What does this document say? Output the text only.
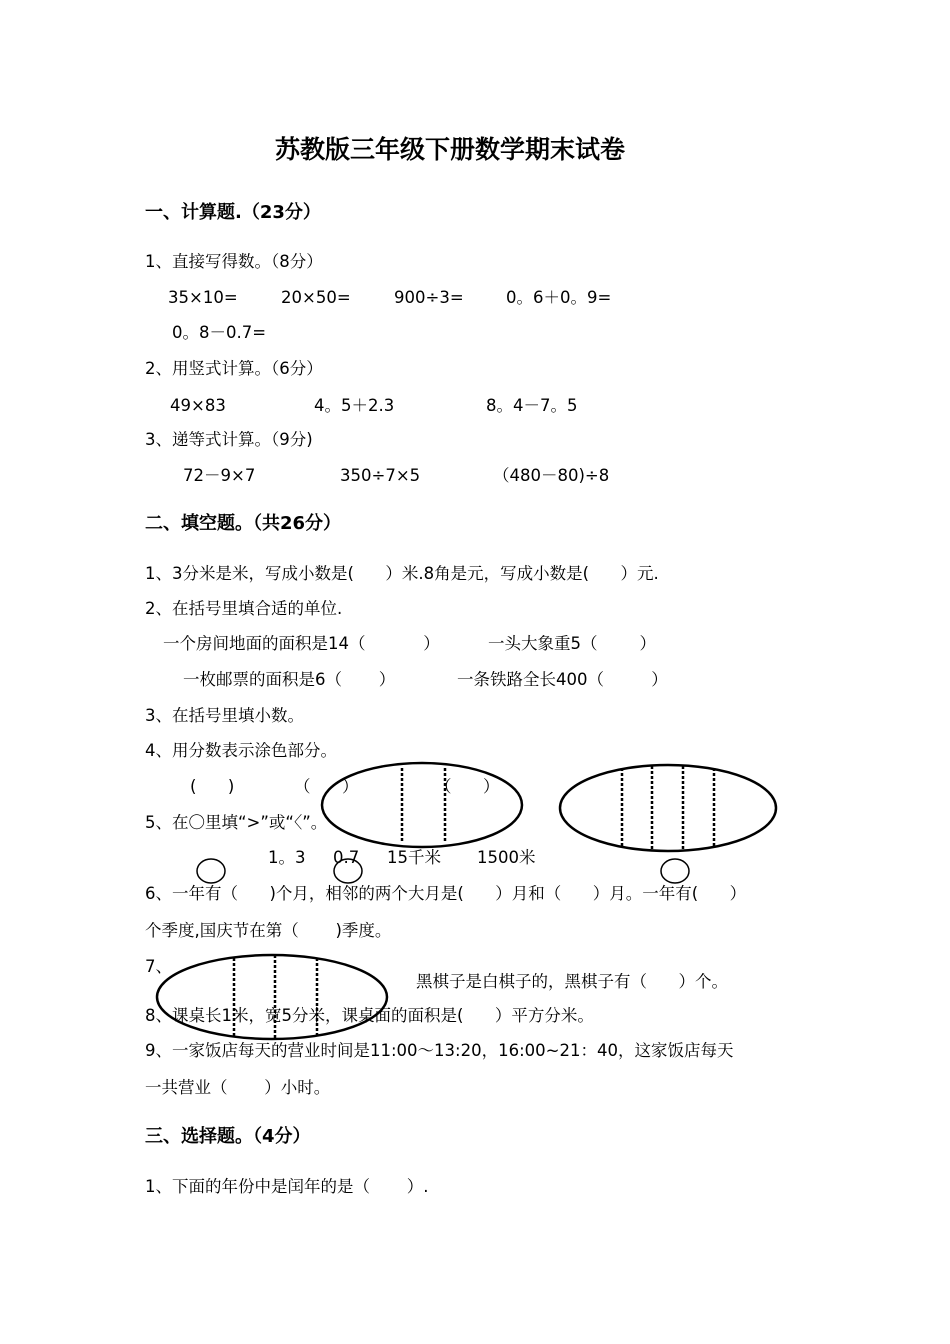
苏教版三年级下册数学期末试卷
一、计算题.（23分）
1、直接写得数。（8分）
35×10=	20×50=	900÷3=	0。6＋0。9=
0。8－0.7=
2、用竖式计算。（6分）
49×83	4。5＋2.3	8。4－7。5
3、递等式计算。（9分)
72－9×7	350÷7×5	（480－80)÷8
二、填空题。（共26分）
1、3分米是米，写成小数是(      ）米.8角是元，写成小数是(      ）元.
2、在括号里填合适的单位.
一个房间地面的面积是14（           ）	一头大象重5（        ）
一枚邮票的面积是6（       ）	一条铁路全长400（         ）
3、在括号里填小数。
4、用分数表示涂色部分。
(      )	（      ）	（      ）
5、在〇里填“>”或“〈”。
1。3 0.7 15千米 1500米
6、一年有（      )个月，相邻的两个大月是(      ）月和（      ）月。一年有(      ）
个季度,国庆节在第（       )季度。
7、
黑棋子是白棋子的，黑棋子有（      ）个。
8、课桌长1米，宽5分米，课桌面的面积是(      ）平方分米。
9、一家饭店每天的营业时间是11:00～13:20，16:00~21：40，这家饭店每天
一共营业（       ）小时。
三、选择题。（4分）
1、下面的年份中是闰年的是（       ）.
